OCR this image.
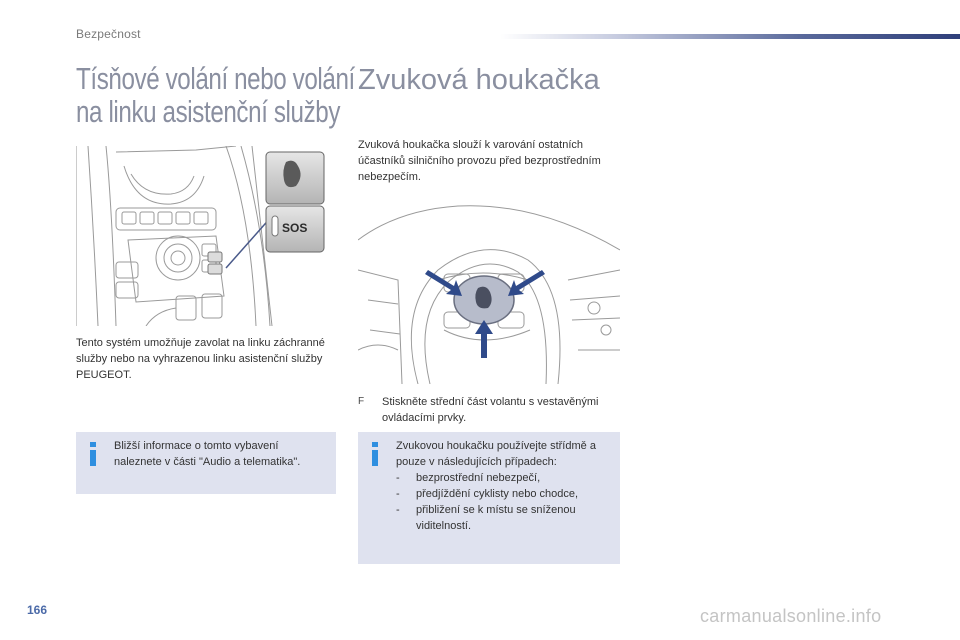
Bezpečnost
Tísňové volání nebo volání
na linku asistenční služby
SOS
Tento systém umožňuje zavolat na linku záchranné služby nebo na vyhrazenou linku asistenční služby PEUGEOT.
Bližší informace o tomto vybavení naleznete v části "Audio a telematika".
Zvuková houkačka
Zvuková houkačka slouží k varování ostatních účastníků silničního provozu před bezprostředním nebezpečím.
F	Stiskněte střední část volantu s vestavěnými ovládacími prvky.
Zvukovou houkačku používejte střídmě a pouze v následujících případech:
- bezprostřední nebezpečí,
- předjíždění cyklisty nebo chodce,
- přibližení se k místu se sníženou viditelností.
166	carmanualsonline.info
